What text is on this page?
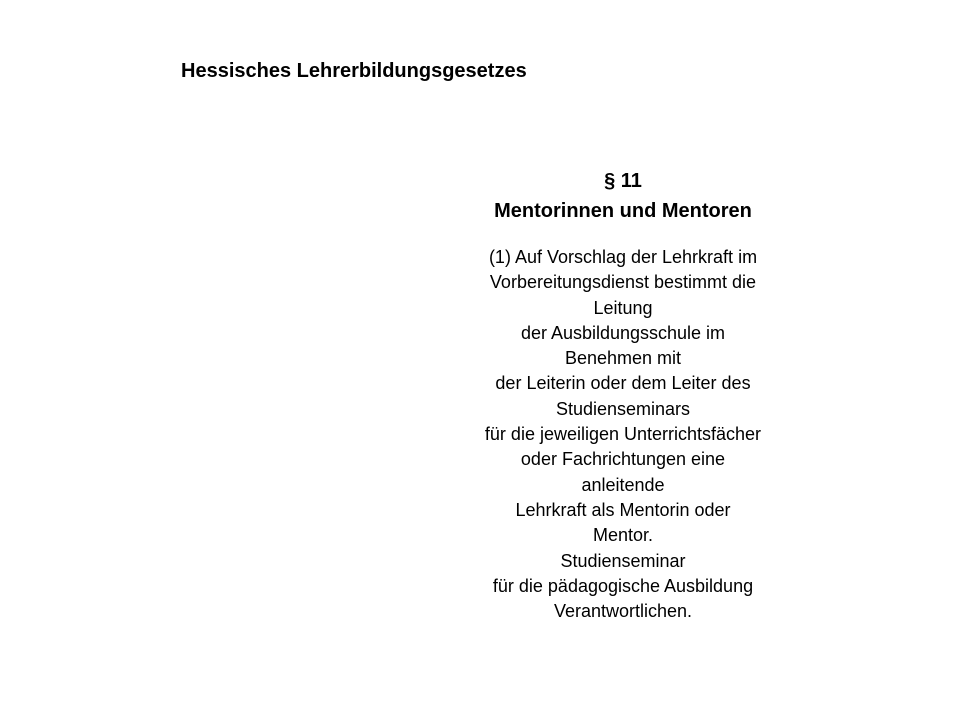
Hessisches Lehrerbildungsgesetzes
§ 11
Mentorinnen und Mentoren
(1) Auf Vorschlag der Lehrkraft im
Vorbereitungsdienst bestimmt die
Leitung
der Ausbildungsschule im
Benehmen mit
der Leiterin oder dem Leiter des
Studienseminars
für die jeweiligen Unterrichtsfächer
oder Fachrichtungen eine
anleitende
Lehrkraft als Mentorin oder
Mentor.
Studienseminar
für die pädagogische Ausbildung
Verantwortlichen.
